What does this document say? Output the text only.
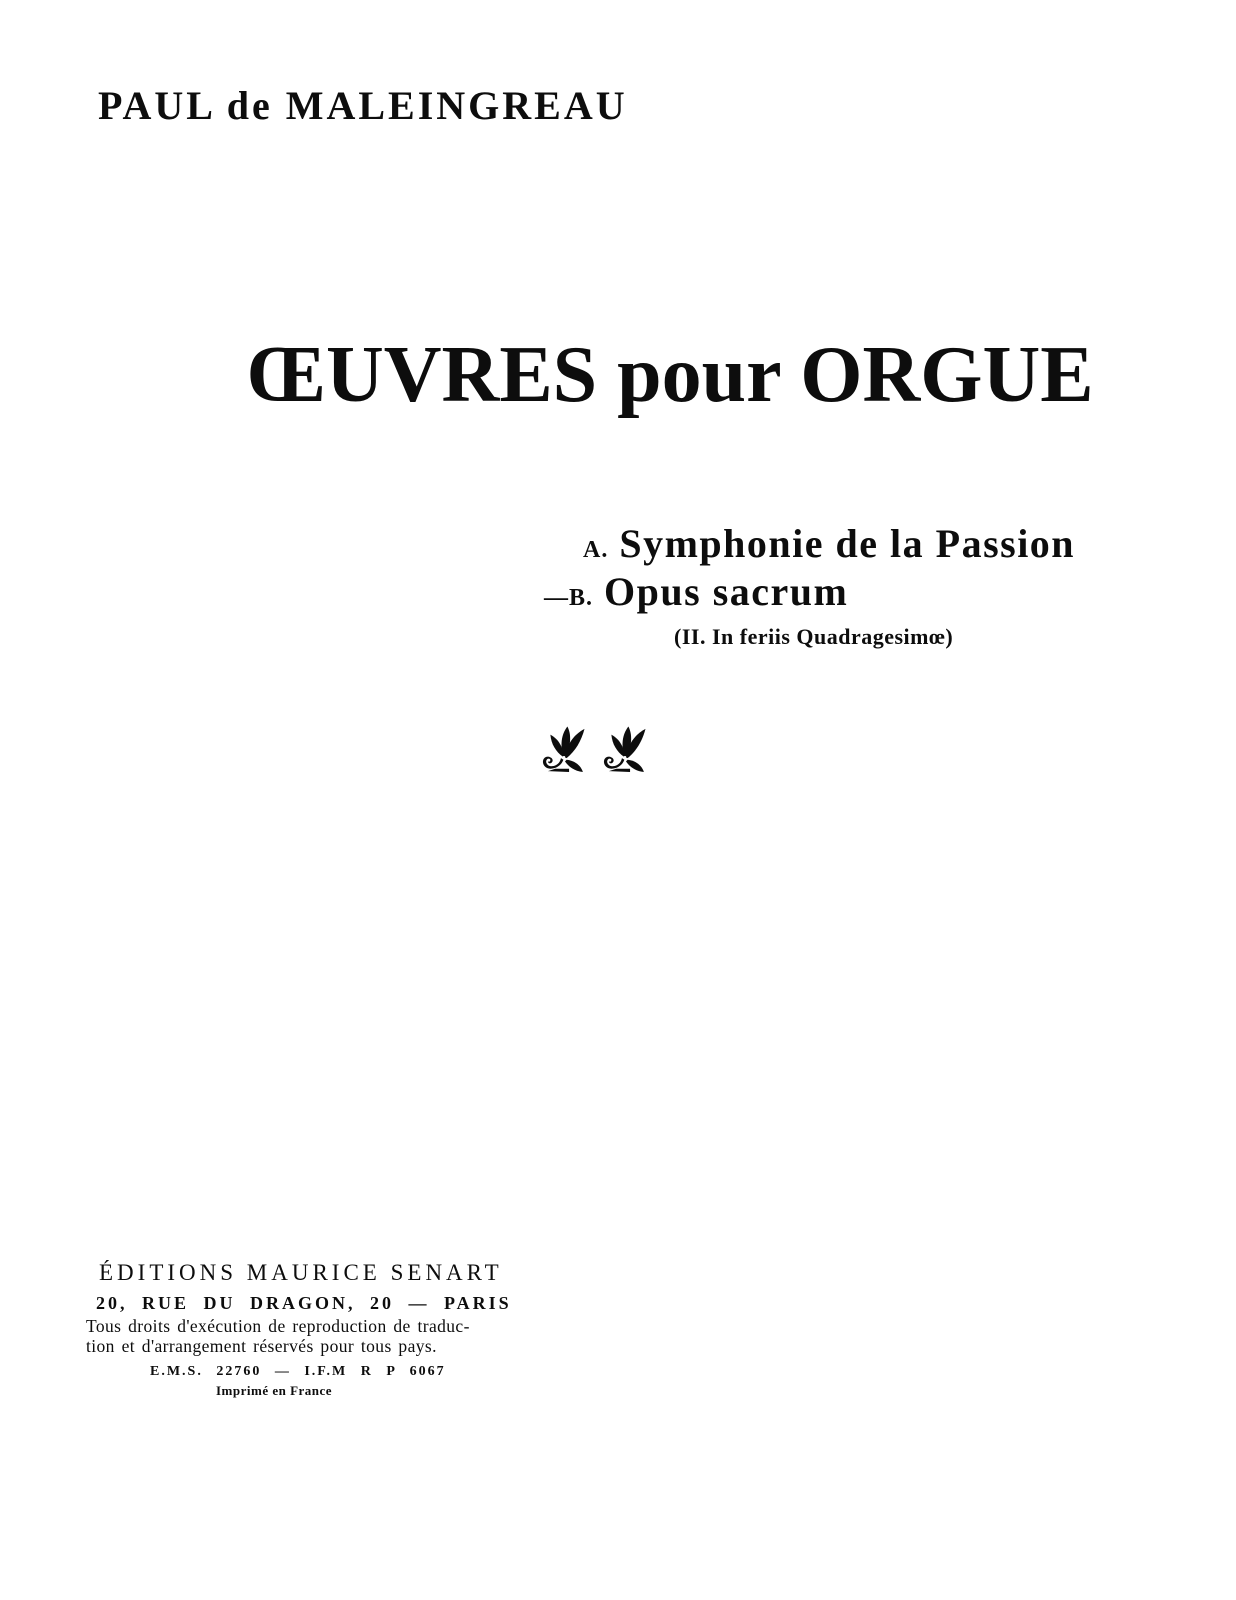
PAUL de MALEINGREAU
ŒUVRES pour ORGUE
A. Symphonie de la Passion
—B. Opus sacrum
(II. In feriis Quadragesimœ)
ÉDITIONS MAURICE SENART
20, RUE DU DRAGON, 20 — PARIS
Tous droits d'exécution de reproduction de traduc-
tion et d'arrangement réservés pour tous pays.
E.M.S. 22760 — I.F.M R P 6067
Imprimé en France
